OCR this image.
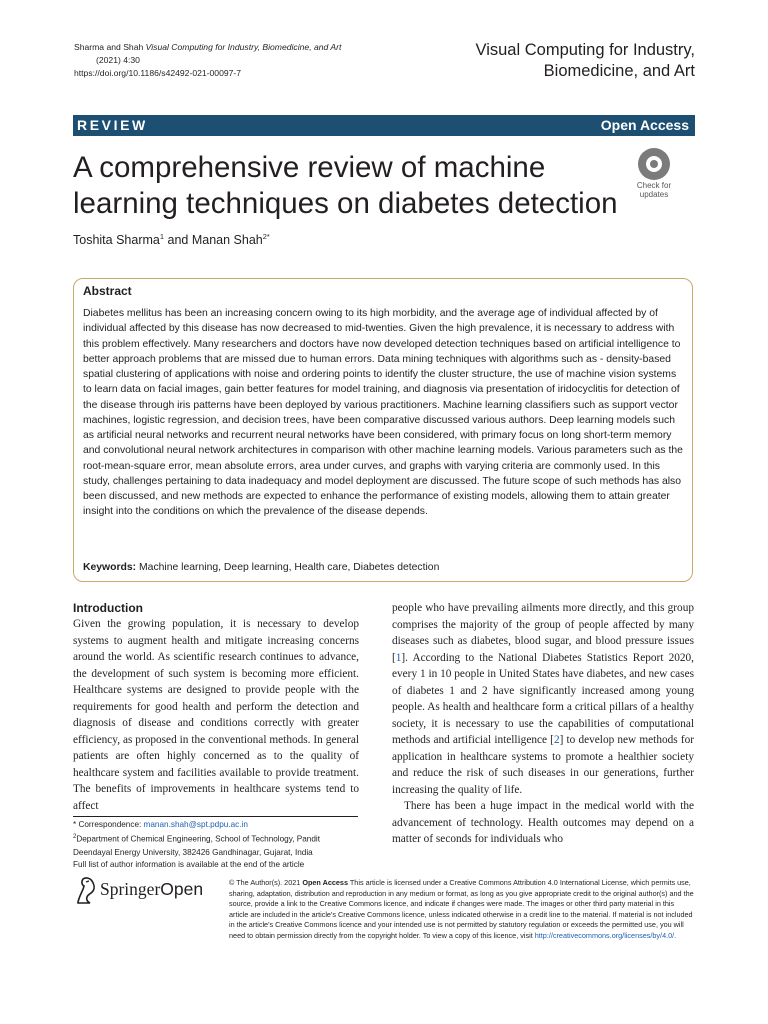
Sharma and Shah Visual Computing for Industry, Biomedicine, and Art
(2021) 4:30
https://doi.org/10.1186/s42492-021-00097-7
Visual Computing for Industry,
Biomedicine, and Art
REVIEW	Open Access
A comprehensive review of machine
learning techniques on diabetes detection
Check for
updates
Toshita Sharma$^1$ and Manan Shah$^{2*}$
Abstract
Diabetes mellitus has been an increasing concern owing to its high morbidity, and the average age of individual affected by of individual affected by this disease has now decreased to mid-twenties. Given the high prevalence, it is necessary to address with this problem effectively. Many researchers and doctors have now developed detection techniques based on artificial intelligence to better approach problems that are missed due to human errors. Data mining techniques with algorithms such as - density-based spatial clustering of applications with noise and ordering points to identify the cluster structure, the use of machine vision systems to learn data on facial images, gain better features for model training, and diagnosis via presentation of iridocyclitis for detection of the disease through iris patterns have been deployed by various practitioners. Machine learning classifiers such as support vector machines, logistic regression, and decision trees, have been comparative discussed various authors. Deep learning models such as artificial neural networks and recurrent neural networks have been considered, with primary focus on long short-term memory and convolutional neural network architectures in comparison with other machine learning models. Various parameters such as the root-mean-square error, mean absolute errors, area under curves, and graphs with varying criteria are commonly used. In this study, challenges pertaining to data inadequacy and model deployment are discussed. The future scope of such methods has also been discussed, and new methods are expected to enhance the performance of existing models, allowing them to attain greater insight into the conditions on which the prevalence of the disease depends.
Keywords: Machine learning, Deep learning, Health care, Diabetes detection
Introduction

Given the growing population, it is necessary to develop systems to augment health and mitigate increasing concerns around the world. As scientific research continues to advance, the development of such system is becoming more efficient. Healthcare systems are designed to provide people with the requirements for good health and perform the detection and diagnosis of disease and conditions correctly with greater efficiency, as proposed in the conventional methods. In general patients are often highly concerned as to the quality of healthcare system and facilities available to provide treatment. The benefits of improvements in healthcare systems tend to affect

people who have prevailing ailments more directly, and this group comprises the majority of the group of people affected by many diseases such as diabetes, blood sugar, and blood pressure issues [1]. According to the National Diabetes Statistics Report 2020, every 1 in 10 people in United States have diabetes, and new cases of diabetes 1 and 2 have significantly increased among young people. As health and healthcare form a critical pillars of a healthy society, it is necessary to use the capabilities of computational methods and artificial intelligence [2] to develop new methods for application in healthcare systems to promote a healthier society and reduce the risk of such diseases in our generations, further increasing the quality of life.

There has been a huge impact in the medical world with the advancement of technology. Health outcomes may depend on a matter of seconds for individuals who

* Correspondence: manan.shah@spt.pdpu.ac.in
$^2$Department of Chemical Engineering, School of Technology, Pandit
Deendayal Energy University, 382426 Gandhinagar, Gujarat, India
Full list of author information is available at the end of the article
SpringerOpen	© The Author(s). 2021 Open Access This article is licensed under a Creative Commons Attribution 4.0 International License, which permits use, sharing, adaptation, distribution and reproduction in any medium or format, as long as you give appropriate credit to the original author(s) and the source, provide a link to the Creative Commons licence, and indicate if changes were made. The images or other third party material in this article are included in the article's Creative Commons licence, unless indicated otherwise in a credit line to the material. If material is not included in the article's Creative Commons licence and your intended use is not permitted by statutory regulation or exceeds the permitted use, you will need to obtain permission directly from the copyright holder. To view a copy of this licence, visit http://creativecommons.org/licenses/by/4.0/.
